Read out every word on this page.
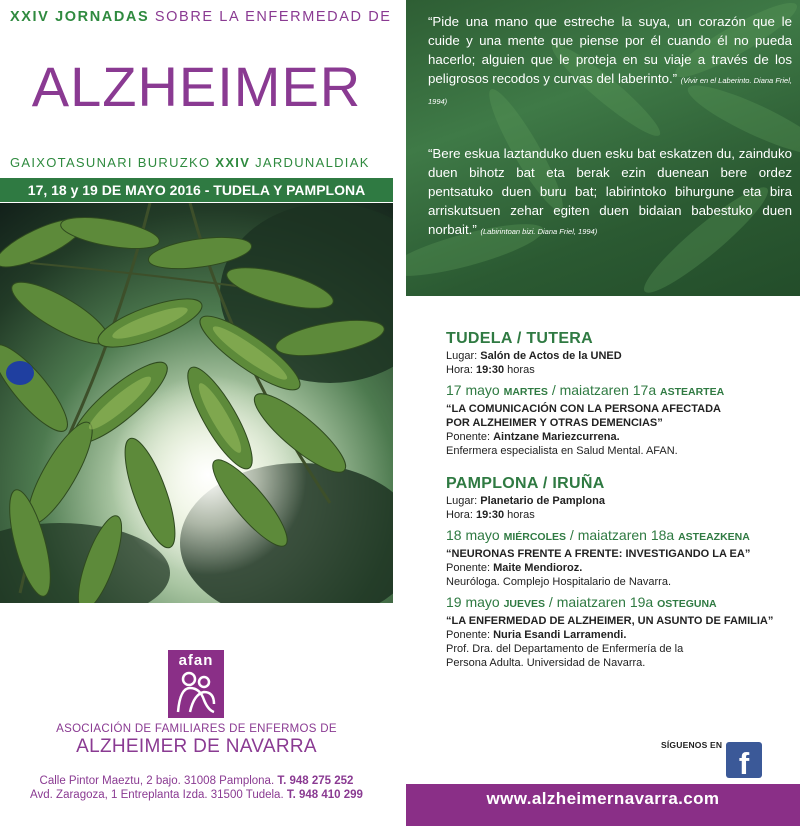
XXIV JORNADAS SOBRE LA ENFERMEDAD DE
ALZHEIMER
GAIXOTASUNARI BURUZKO XXIV JARDUNALDIAK
17, 18 y 19 DE MAYO 2016 - TUDELA Y PAMPLONA
afan
ASOCIACIÓN DE FAMILIARES DE ENFERMOS DE
ALZHEIMER DE NAVARRA
Calle Pintor Maeztu, 2 bajo. 31008 Pamplona. T. 948 275 252
Avd. Zaragoza, 1 Entreplanta Izda. 31500 Tudela. T. 948 410 299
“Pide una mano que estreche la suya, un corazón que le cuide y una mente que piense por él cuando él no pueda hacerlo; alguien que le proteja en su viaje a través de los peligrosos recodos y curvas del laberinto.” (Vivir en el Laberinto. Diana Friel, 1994)
“Bere eskua laztanduko duen esku bat eskatzen du, zainduko duen bihotz bat eta berak ezin duenean bere ordez pentsatuko duen buru bat; labirintoko bihurgune eta bira arriskutsuen zehar egiten duen bidaian babestuko duen norbait.” (Labirintoan bizi. Diana Friel, 1994)
TUDELA / TUTERA
Lugar: Salón de Actos de la UNED
Hora: 19:30 horas
17 mayo MARTES / maiatzaren 17a ASTEARTEA
“LA COMUNICACIÓN CON LA PERSONA AFECTADA
POR ALZHEIMER Y OTRAS DEMENCIAS”
Ponente: Aintzane Mariezcurrena.
Enfermera especialista en Salud Mental. AFAN.
PAMPLONA / IRUÑA
Lugar: Planetario de Pamplona
Hora: 19:30 horas
18 mayo MIÉRCOLES / maiatzaren 18a ASTEAZKENA
“NEURONAS FRENTE A FRENTE: INVESTIGANDO LA EA”
Ponente: Maite Mendioroz.
Neuróloga. Complejo Hospitalario de Navarra.
19 mayo JUEVES / maiatzaren 19a OSTEGUNA
“LA ENFERMEDAD DE ALZHEIMER, UN ASUNTO DE FAMILIA”
Ponente: Nuria Esandi Larramendi.
Prof. Dra. del Departamento de Enfermería de la
Persona Adulta. Universidad de Navarra.
SÍGUENOS EN
f
www.alzheimernavarra.com
